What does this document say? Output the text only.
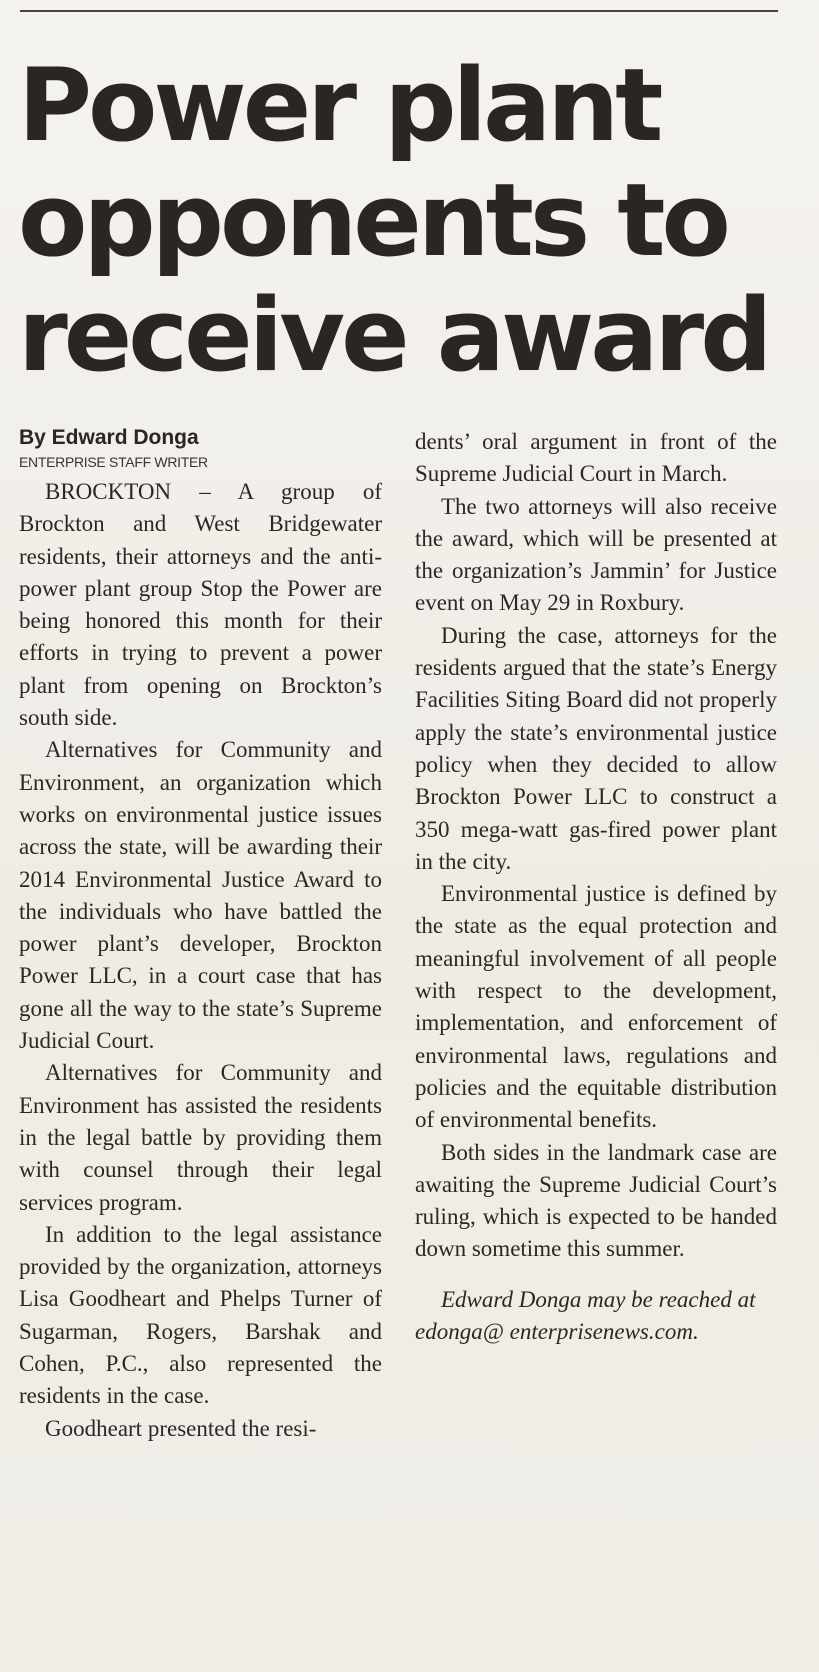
Power plant
opponents to
receive award

By Edward Donga

ENTERPRISE STAFF WRITER

BROCKTON – A group of Brockton and West Bridgewater residents, their attorneys and the anti-power plant group Stop the Power are being honored this month for their efforts in trying to prevent a power plant from opening on Brockton’s south side.

Alternatives for Community and Environment, an organization which works on environmental justice issues across the state, will be awarding their 2014 Environmental Justice Award to the individuals who have battled the power plant’s developer, Brockton Power LLC, in a court case that has gone all the way to the state’s Supreme Judicial Court.

Alternatives for Community and Environment has assisted the residents in the legal battle by providing them with counsel through their legal services program.

In addition to the legal assistance provided by the organization, attorneys Lisa Goodheart and Phelps Turner of Sugarman, Rogers, Barshak and Cohen, P.C., also represented the residents in the case.

Goodheart presented the resi-

dents’ oral argument in front of the Supreme Judicial Court in March.

The two attorneys will also receive the award, which will be presented at the organization’s Jammin’ for Justice event on May 29 in Roxbury.

During the case, attorneys for the residents argued that the state’s Energy Facilities Siting Board did not properly apply the state’s environmental justice policy when they decided to allow Brockton Power LLC to construct a 350 mega-watt gas-fired power plant in the city.

Environmental justice is defined by the state as the equal protection and meaningful involvement of all people with respect to the development, implementation, and enforcement of environmental laws, regulations and policies and the equitable distribution of environmental benefits.

Both sides in the landmark case are awaiting the Supreme Judicial Court’s ruling, which is expected to be handed down sometime this summer.

Edward Donga may be reached at edonga@ enterprisenews.com.
